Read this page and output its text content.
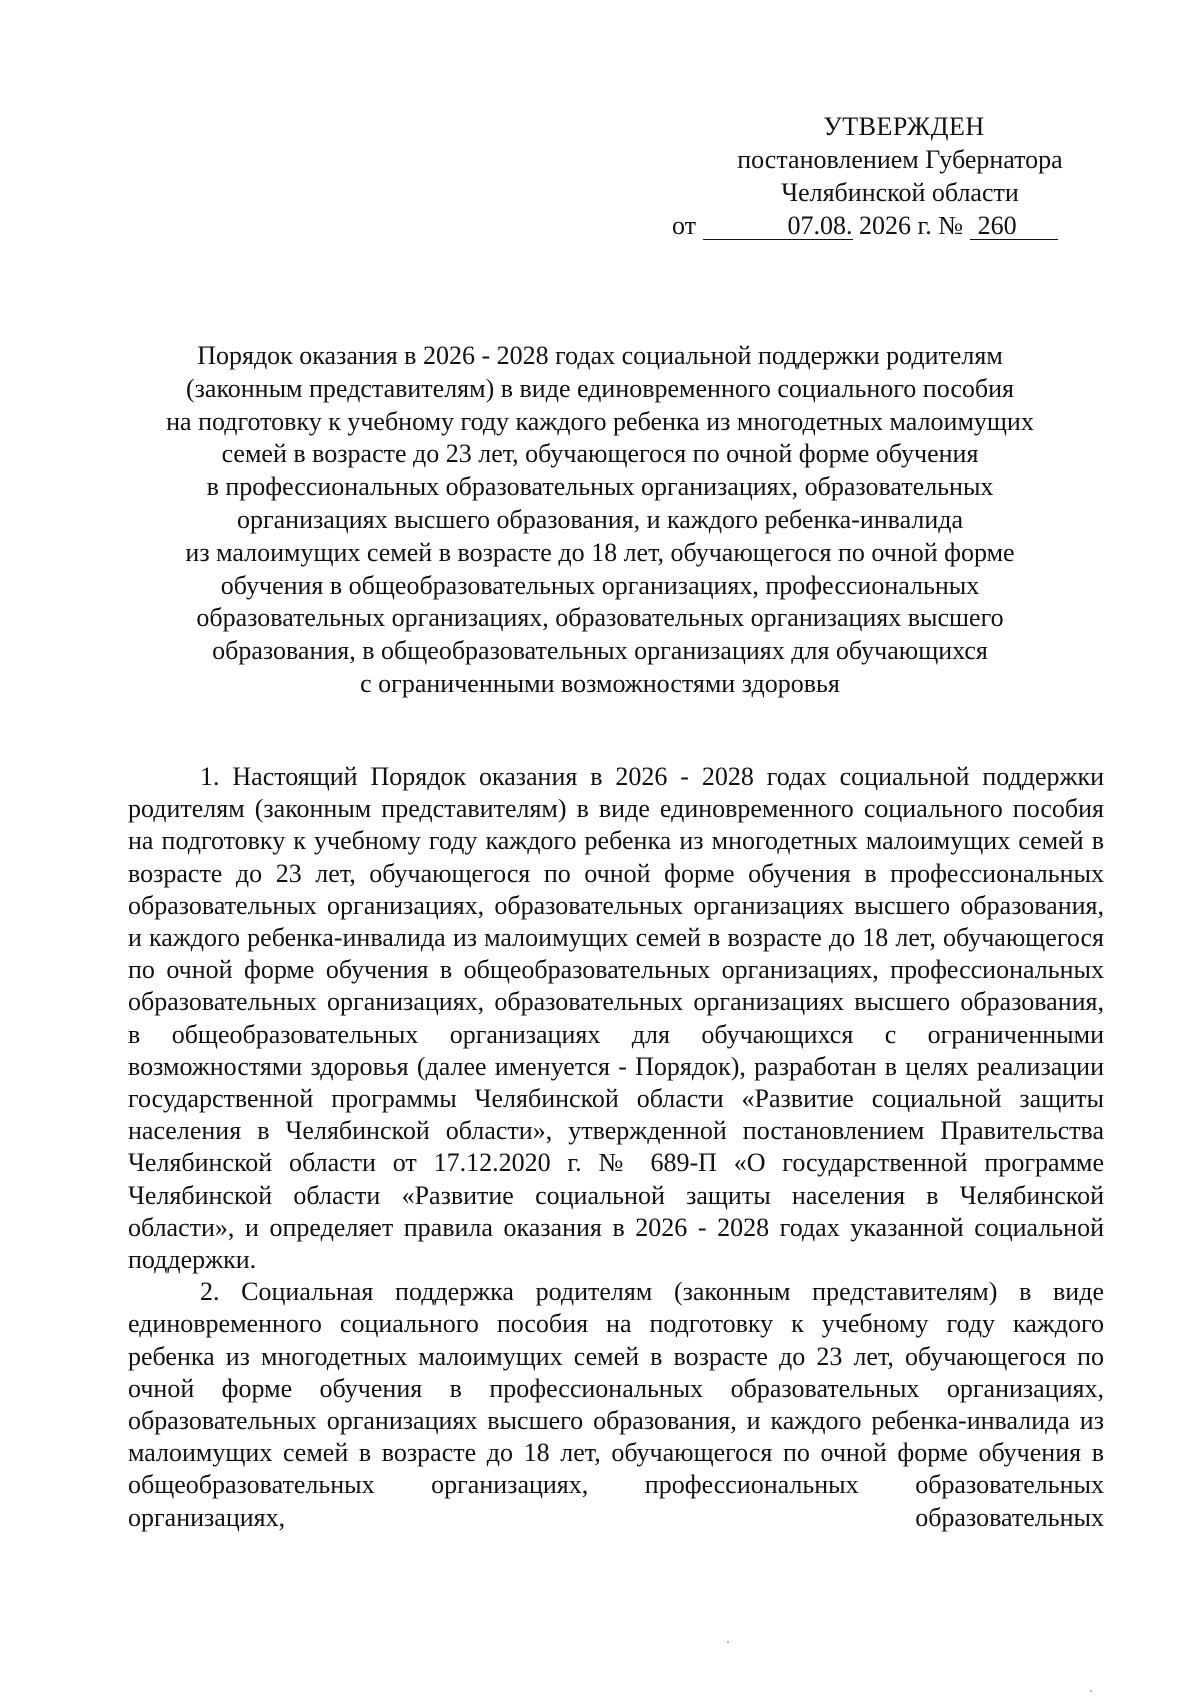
УТВЕРЖДЕН
постановлением Губернатора
Челябинской области
от	07.08. 2026 г. № 260
Порядок оказания в 2026 - 2028 годах социальной поддержки родителям
(законным представителям) в виде единовременного социального пособия
на подготовку к учебному году каждого ребенка из многодетных малоимущих
семей в возрасте до 23 лет, обучающегося по очной форме обучения
в профессиональных образовательных организациях, образовательных
организациях высшего образования, и каждого ребенка-инвалида
из малоимущих семей в возрасте до 18 лет, обучающегося по очной форме
обучения в общеобразовательных организациях, профессиональных
образовательных организациях, образовательных организациях высшего
образования, в общеобразовательных организациях для обучающихся
с ограниченными возможностями здоровья

1. Настоящий Порядок оказания в 2026 - 2028 годах социальной поддержки родителям (законным представителям) в виде единовременного социального пособия на подготовку к учебному году каждого ребенка из многодетных малоимущих семей в возрасте до 23 лет, обучающегося по очной форме обучения в профессиональных образовательных организациях, образовательных организациях высшего образования, и каждого ребенка-инвалида из малоимущих семей в возрасте до 18 лет, обучающегося по очной форме обучения в общеобразовательных организациях, профессиональных образовательных организациях, образовательных организациях высшего образования, в общеобразовательных организациях для обучающихся с ограниченными возможностями здоровья (далее именуется - Порядок), разработан в целях реализации государственной программы Челябинской области «Развитие социальной защиты населения в Челябинской области», утвержденной постановлением Правительства Челябинской области от 17.12.2020 г. № 689-П «О государственной программе Челябинской области «Развитие социальной защиты населения в Челябинской области», и определяет правила оказания в 2026 - 2028 годах указанной социальной поддержки.

2. Социальная поддержка родителям (законным представителям) в виде единовременного социального пособия на подготовку к учебному году каждого ребенка из многодетных малоимущих семей в возрасте до 23 лет, обучающегося по очной форме обучения в профессиональных образовательных организациях, образовательных организациях высшего образования, и каждого ребенка-инвалида из малоимущих семей в возрасте до 18 лет, обучающегося по очной форме обучения в общеобразовательных организациях, профессиональных образовательных организациях, образовательных
